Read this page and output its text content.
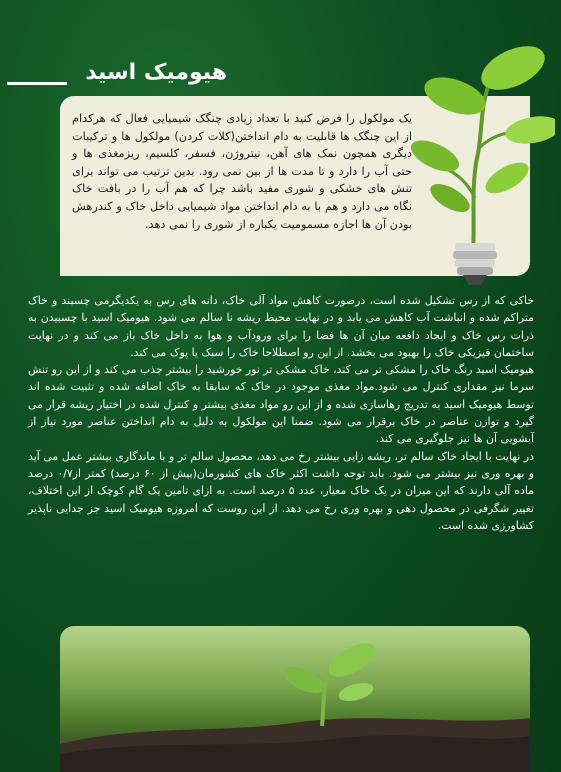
هیومیک اسید
یک مولکول را فرض کنید با تعداد زیادی چنگک شیمیایی فعال که هرکدام از این چنگک ها قابلیت به دام انداختن(کلات کردن) مولکول ها و ترکیبات دیگری همچون نمک های آهن، نیتروژن، فسفر، کلسیم، ریزمغذی ها و حتی آب را دارد و تا مدت ها از بین نمی رود. بدین ترتیب می تواند برای تنش های خشکی و شوری مفید باشد چرا که هم آب را در بافت خاک نگاه می دارد و هم با به دام انداختن مواد شیمیایی داخل خاک و کندرهش بودن آن ها اجازه مسمومیت یکباره از شوری را نمی دهد.

خاکی که از رس تشکیل شده است، درصورت کاهش مواد آلی خاک، دانه های رس به یکدیگرمی چسبند و خاک متراکم شده و انباشت آب کاهش می یابد و در نهایت محیط ریشه نا سالم می شود. هیومیک اسید با چسبیدن به ذرات رس خاک و ایجاد دافعه میان آن ها فضا را برای ورودآب و هوا به داخل خاک باز می کند و در نهایت ساختمان فیزیکی خاک را بهبود می بخشد. از این رو اصطلاحا خاک را سبک یا پوک می کند.

هیومیک اسید رنگ خاک را مشکی تر می کند، خاک مشکی تر نور خورشید را بیشتر جذب می کند و از این رو تنش سرما نیز مقداری کنترل می شود.مواد مغذی موجود در خاک که سابقا به خاک اضافه شده و تثبیت شده اند توسط هیومیک اسید به تدریج رهاسازی شده و از این رو مواد مغذی بیشتر و کنترل شده در اختیار ریشه قرار می گیرد و توازن عناصر در خاک برقرار می شود. ضمنا این مولکول به دلیل به دام انداختن عناصر مورد نیاز از آبشویی آن ها نیز جلوگیری می کند.

در نهایت با ایجاد خاک سالم تر، ریشه زایی بیشتر رخ می دهد، محصول سالم تر و با ماندگاری بیشتر عمل می آید و بهره وری نیز بیشتر می شود. باید توجه داشت اکثر خاک های کشورمان(بیش از ۶۰ درصد) کمتر از۰/۷ درصد ماده آلی دارند که این میزان در یک خاک معیار، عدد ۵ درصد است. به ازای تامین یک گام کوچک از این اختلاف، تغییر شگرفی در محصول دهی و بهره وری رخ می دهد. از این روست که امروزه هیومیک اسید جز جدایی ناپذیر کشاورزی شده است.
